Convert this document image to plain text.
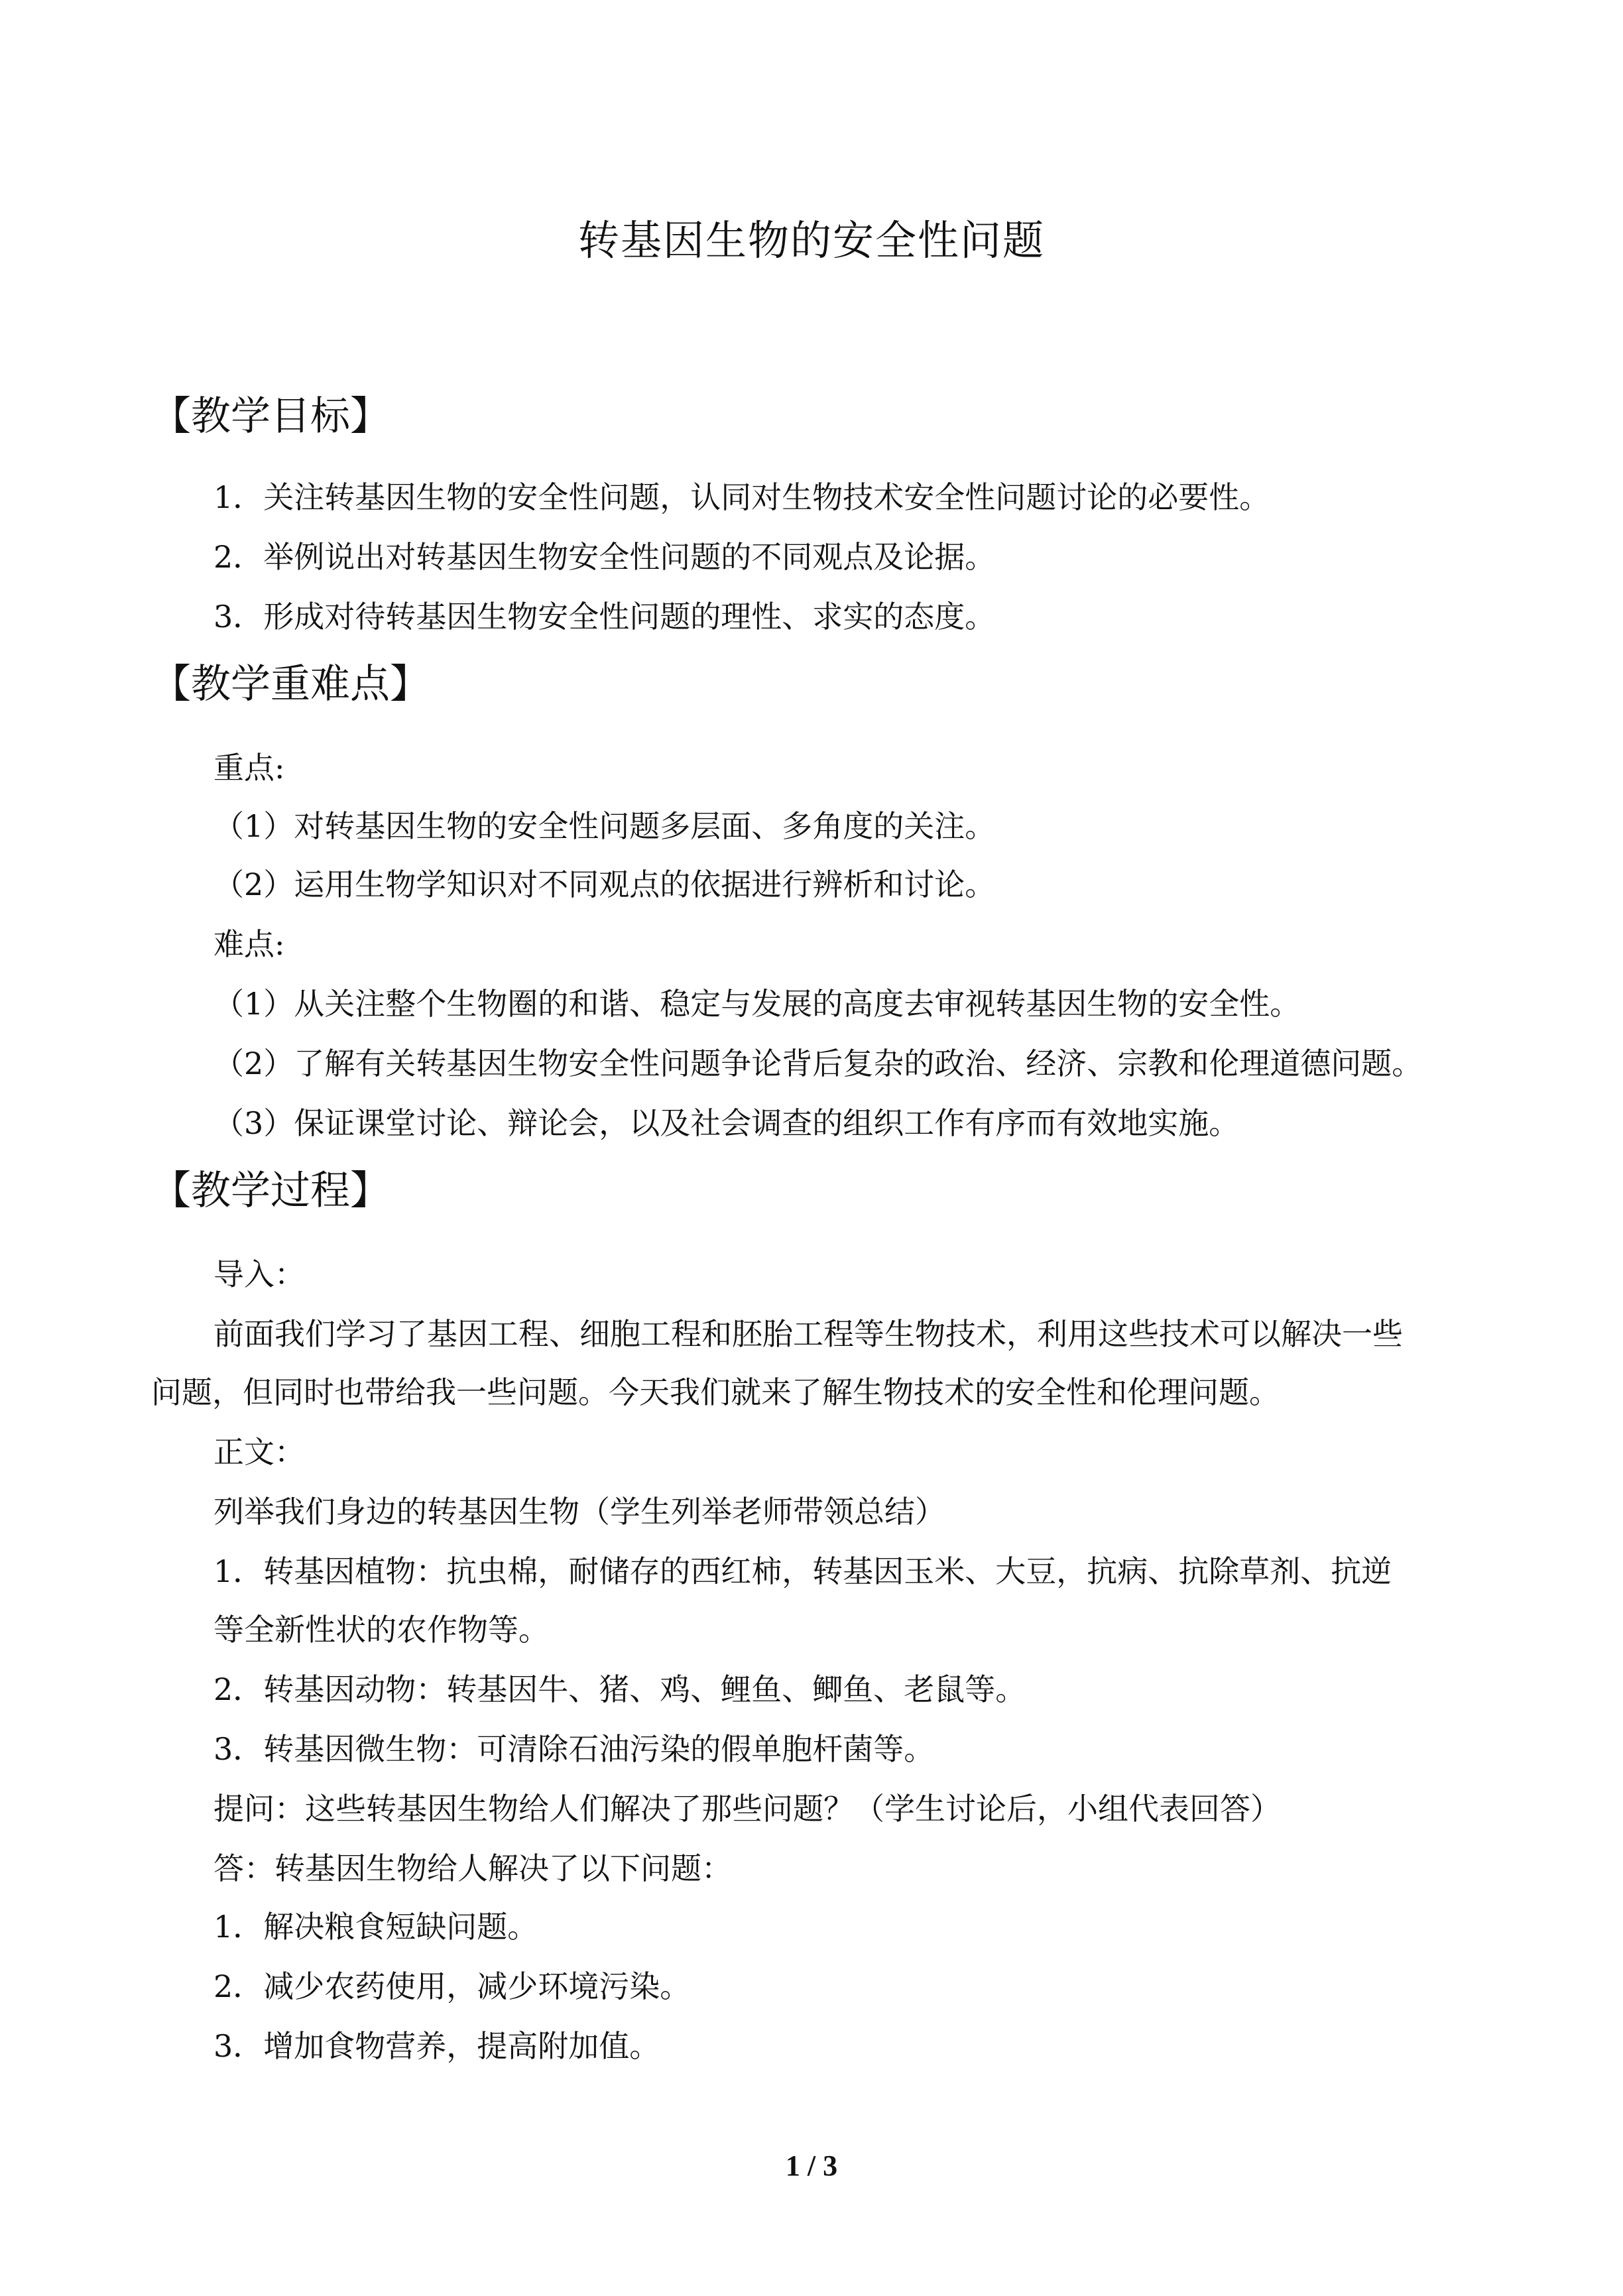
转基因生物的安全性问题
【教学目标】
1．关注转基因生物的安全性问题，认同对生物技术安全性问题讨论的必要性。
2．举例说出对转基因生物安全性问题的不同观点及论据。
3．形成对待转基因生物安全性问题的理性、求实的态度。
【教学重难点】
重点:
（1）对转基因生物的安全性问题多层面、多角度的关注。
（2）运用生物学知识对不同观点的依据进行辨析和讨论。
难点:
（1）从关注整个生物圈的和谐、稳定与发展的高度去审视转基因生物的安全性。
（2）了解有关转基因生物安全性问题争论背后复杂的政治、经济、宗教和伦理道德问题。
（3）保证课堂讨论、辩论会，以及社会调查的组织工作有序而有效地实施。
【教学过程】
导入：
前面我们学习了基因工程、细胞工程和胚胎工程等生物技术，利用这些技术可以解决一些
问题，但同时也带给我一些问题。今天我们就来了解生物技术的安全性和伦理问题。
正文：
列举我们身边的转基因生物（学生列举老师带领总结）
1．转基因植物：抗虫棉，耐储存的西红柿，转基因玉米、大豆，抗病、抗除草剂、抗逆
等全新性状的农作物等。
2．转基因动物：转基因牛、猪、鸡、鲤鱼、鲫鱼、老鼠等。
3．转基因微生物：可清除石油污染的假单胞杆菌等。
提问：这些转基因生物给人们解决了那些问题？（学生讨论后，小组代表回答）
答：转基因生物给人解决了以下问题：
1．解决粮食短缺问题。
2．减少农药使用，减少环境污染。
3．增加食物营养，提高附加值。
1 / 3
